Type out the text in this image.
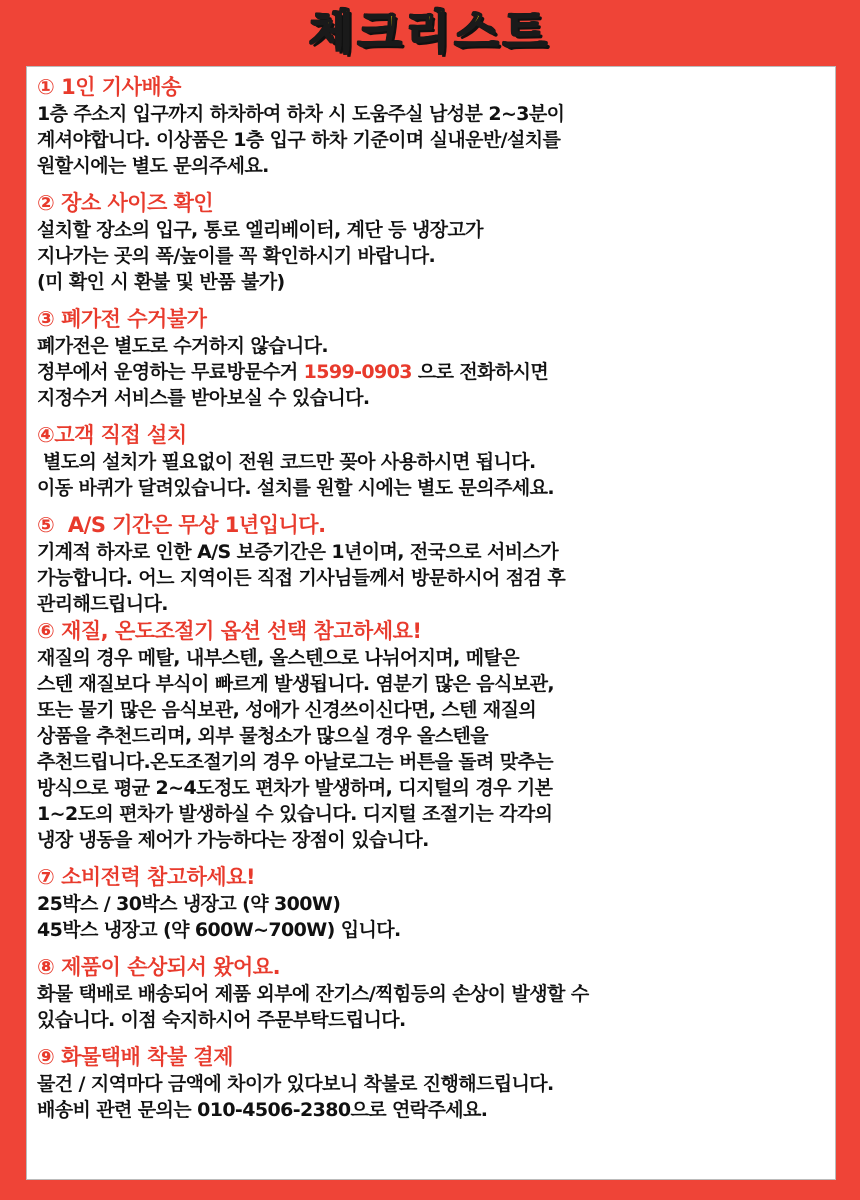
체크리스트
① 1인 기사배송
1층 주소지 입구까지 하차하여 하차 시 도움주실 남성분 2~3분이
계셔야합니다. 이상품은 1층 입구 하차 기준이며 실내운반/설치를
원할시에는 별도 문의주세요.
② 장소 사이즈 확인
설치할 장소의 입구, 통로 엘리베이터, 계단 등 냉장고가
지나가는 곳의 폭/높이를 꼭 확인하시기 바랍니다.
(미 확인 시 환불 및 반품 불가)
③ 폐가전 수거불가
폐가전은 별도로 수거하지 않습니다.
정부에서 운영하는 무료방문수거 1599-0903 으로 전화하시면
지정수거 서비스를 받아보실 수 있습니다.
④고객 직접 설치
별도의 설치가 필요없이 전원 코드만 꽂아 사용하시면 됩니다.
이동 바퀴가 달려있습니다. 설치를 원할 시에는 별도 문의주세요.
⑤  A/S 기간은 무상 1년입니다.
기계적 하자로 인한 A/S 보증기간은 1년이며, 전국으로 서비스가
가능합니다. 어느 지역이든 직접 기사님들께서 방문하시어 점검 후
관리해드립니다.
⑥ 재질, 온도조절기 옵션 선택 참고하세요!
재질의 경우 메탈, 내부스텐, 올스텐으로 나뉘어지며, 메탈은
스텐 재질보다 부식이 빠르게 발생됩니다. 염분기 많은 음식보관,
또는 물기 많은 음식보관, 성애가 신경쓰이신다면, 스텐 재질의
상품을 추천드리며, 외부 물청소가 많으실 경우 올스텐을
추천드립니다.온도조절기의 경우 아날로그는 버튼을 돌려 맞추는
방식으로 평균 2~4도정도 편차가 발생하며, 디지털의 경우 기본
1~2도의 편차가 발생하실 수 있습니다. 디지털 조절기는 각각의
냉장 냉동을 제어가 가능하다는 장점이 있습니다.
⑦ 소비전력 참고하세요!
25박스 / 30박스 냉장고 (약 300W)
45박스 냉장고 (약 600W~700W) 입니다.
⑧ 제품이 손상되서 왔어요.
화물 택배로 배송되어 제품 외부에 잔기스/찍힘등의 손상이 발생할 수
있습니다. 이점 숙지하시어 주문부탁드립니다.
⑨ 화물택배 착불 결제
물건 / 지역마다 금액에 차이가 있다보니 착불로 진행해드립니다.
배송비 관련 문의는 010-4506-2380으로 연락주세요.
